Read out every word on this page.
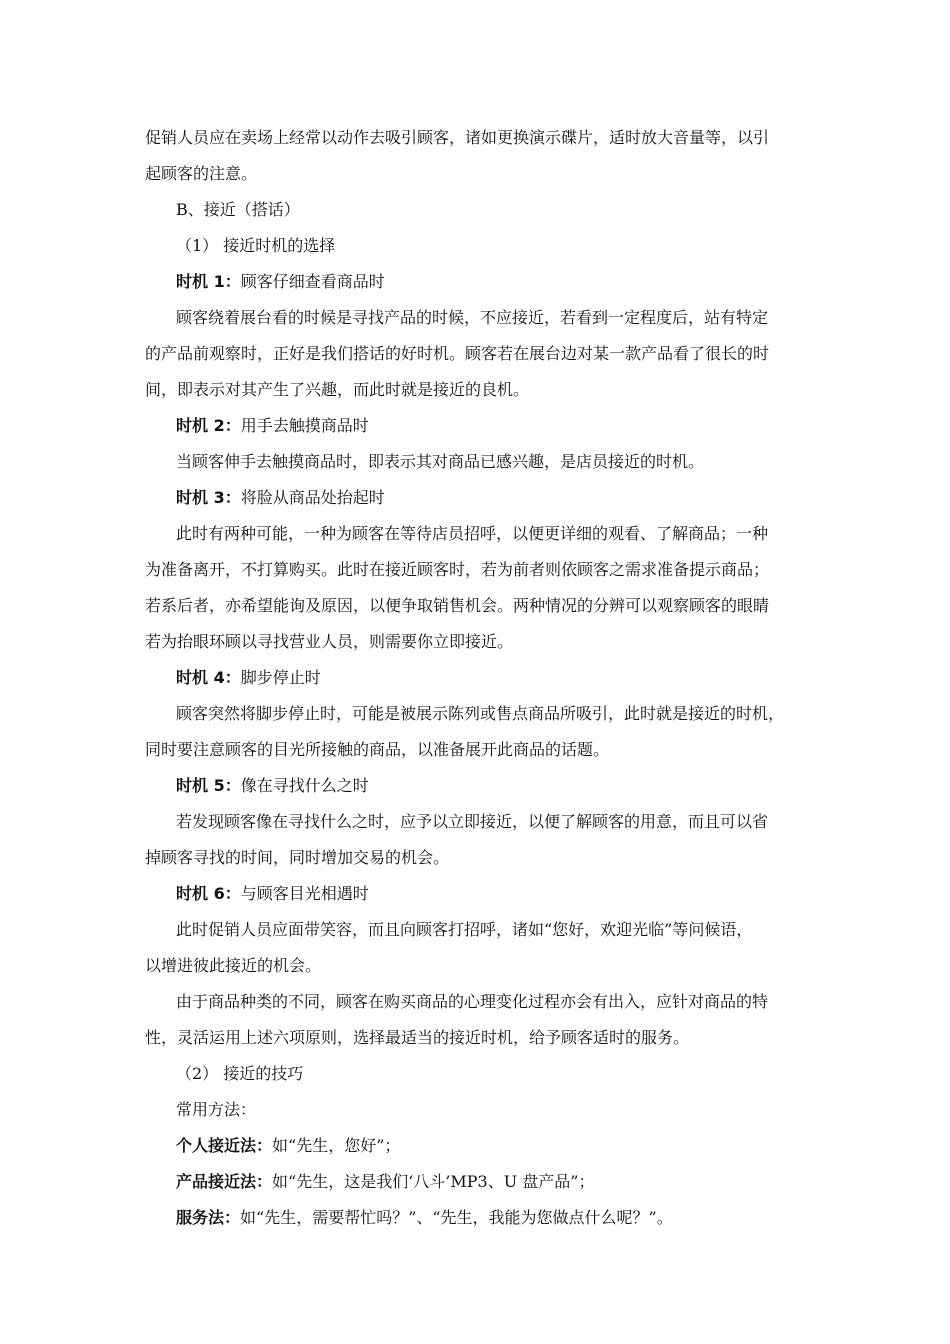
促销人员应在卖场上经常以动作去吸引顾客，诸如更换演示碟片，适时放大音量等，以引
起顾客的注意。
B、接近（搭话）
（1） 接近时机的选择
时机 1：顾客仔细查看商品时
顾客绕着展台看的时候是寻找产品的时候，不应接近，若看到一定程度后，站有特定
的产品前观察时，正好是我们搭话的好时机。顾客若在展台边对某一款产品看了很长的时
间，即表示对其产生了兴趣，而此时就是接近的良机。
时机 2：用手去触摸商品时
当顾客伸手去触摸商品时，即表示其对商品已感兴趣，是店员接近的时机。
时机 3：将脸从商品处抬起时
此时有两种可能，一种为顾客在等待店员招呼，以便更详细的观看、了解商品；一种
为准备离开，不打算购买。此时在接近顾客时，若为前者则依顾客之需求准备提示商品；
若系后者，亦希望能询及原因，以便争取销售机会。两种情况的分辨可以观察顾客的眼睛
若为抬眼环顾以寻找营业人员，则需要你立即接近。
时机 4：脚步停止时
顾客突然将脚步停止时，可能是被展示陈列或售点商品所吸引，此时就是接近的时机，
同时要注意顾客的目光所接触的商品，以准备展开此商品的话题。
时机 5：像在寻找什么之时
若发现顾客像在寻找什么之时，应予以立即接近，以便了解顾客的用意，而且可以省
掉顾客寻找的时间，同时增加交易的机会。
时机 6：与顾客目光相遇时
此时促销人员应面带笑容，而且向顾客打招呼，诸如“您好，欢迎光临”等问候语，
以增进彼此接近的机会。
由于商品种类的不同，顾客在购买商品的心理变化过程亦会有出入，应针对商品的特
性，灵活运用上述六项原则，选择最适当的接近时机，给予顾客适时的服务。
（2） 接近的技巧
常用方法：
个人接近法：如“先生，您好”；
产品接近法：如“先生，这是我们‘八斗’MP3、U 盘产品”；
服务法：如“先生，需要帮忙吗？”、“先生，我能为您做点什么呢？”。
